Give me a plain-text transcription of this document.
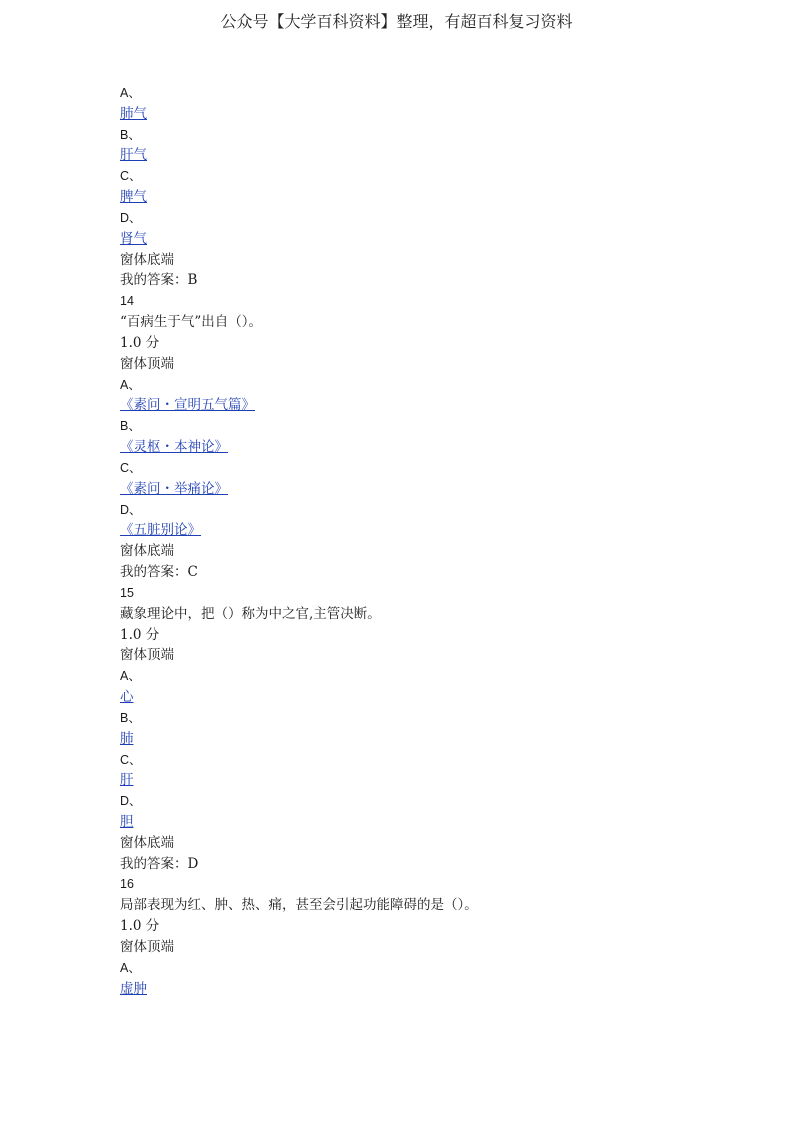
公众号【大学百科资料】整理，有超百科复习资料
A、
肺气
B、
肝气
C、
脾气
D、
肾气
窗体底端
我的答案：B
14
“百病生于气”出自（）。
1.0 分
窗体顶端
A、
《素问・宣明五气篇》
B、
《灵枢・本神论》
C、
《素问・举痛论》
D、
《五脏别论》
窗体底端
我的答案：C
15
藏象理论中，把（）称为中之官,主管决断。
1.0 分
窗体顶端
A、
心
B、
肺
C、
肝
D、
胆
窗体底端
我的答案：D
16
局部表现为红、肿、热、痛，甚至会引起功能障碍的是（）。
1.0 分
窗体顶端
A、
虚肿
